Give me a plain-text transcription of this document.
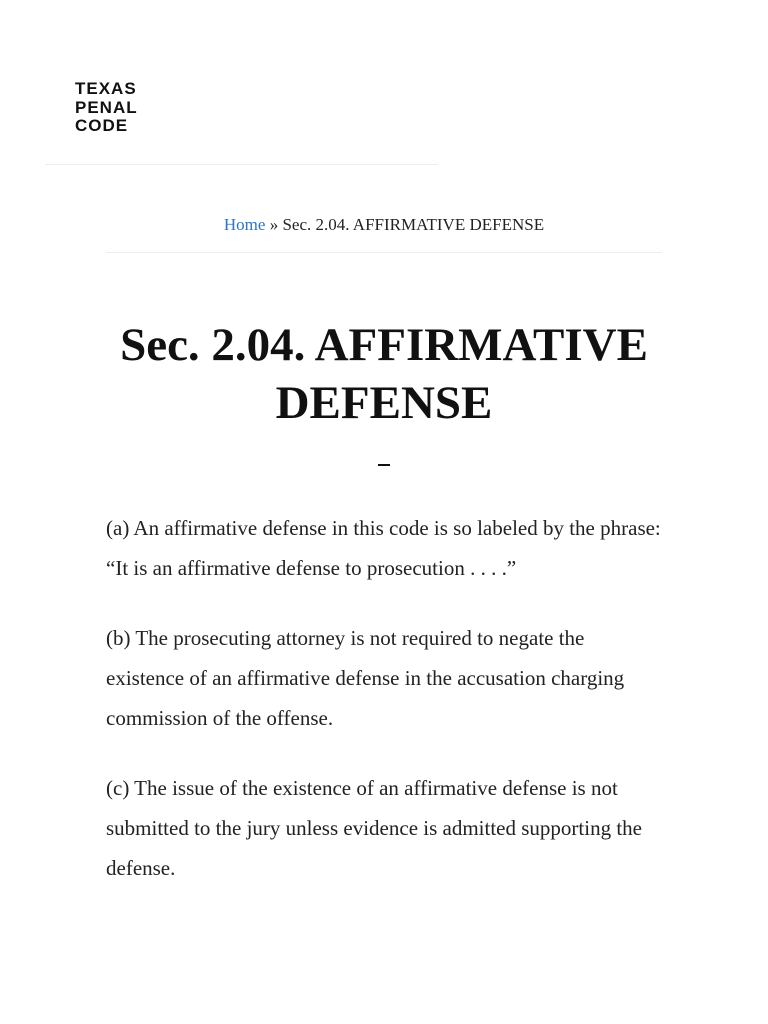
TEXAS
PENAL
CODE
Home » Sec. 2.04. AFFIRMATIVE DEFENSE
Sec. 2.04. AFFIRMATIVE DEFENSE

(a) An affirmative defense in this code is so labeled by the phrase: “It is an affirmative defense to prosecution . . . .”

(b) The prosecuting attorney is not required to negate the existence of an affirmative defense in the accusation charging commission of the offense.

(c) The issue of the existence of an affirmative defense is not submitted to the jury unless evidence is admitted supporting the defense.
